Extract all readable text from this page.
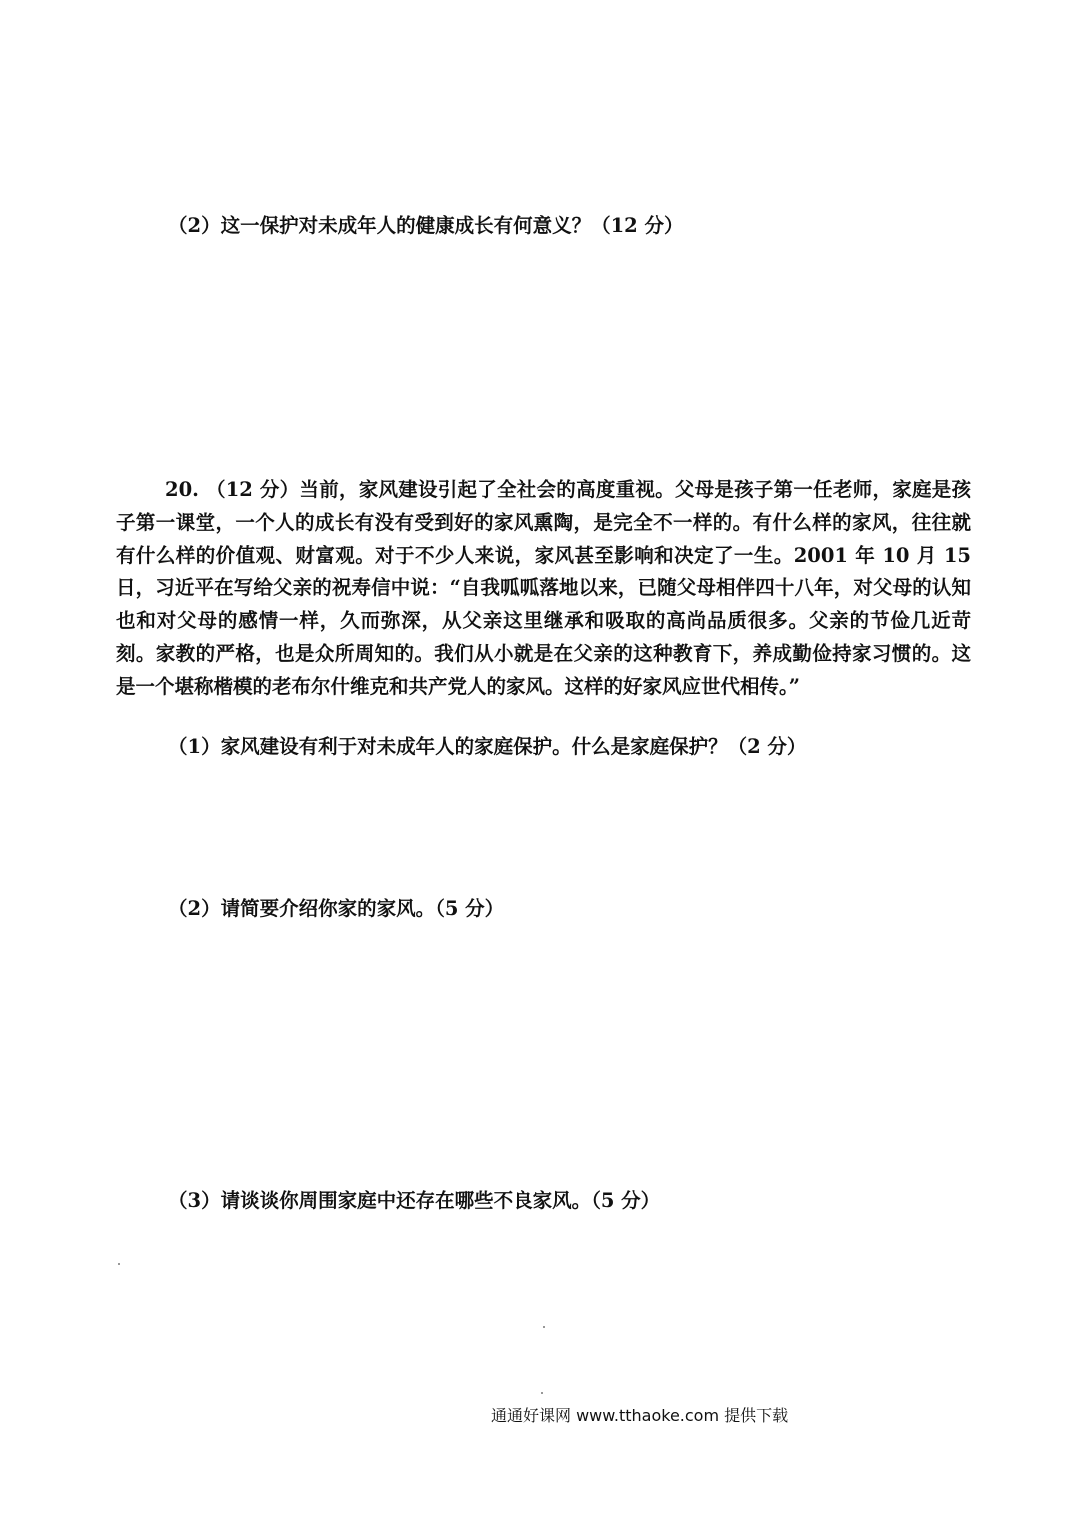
（2）这一保护对未成年人的健康成长有何意义？（12 分）

20. （12 分）当前，家风建设引起了全社会的高度重视。父母是孩子第一任老师，家庭是孩子第一课堂，一个人的成长有没有受到好的家风熏陶，是完全不一样的。有什么样的家风，往往就有什么样的价值观、财富观。对于不少人来说，家风甚至影响和决定了一生。2001 年 10 月 15 日，习近平在写给父亲的祝寿信中说：“自我呱呱落地以来，已随父母相伴四十八年，对父母的认知也和对父母的感情一样，久而弥深，从父亲这里继承和吸取的高尚品质很多。父亲的节俭几近苛刻。家教的严格，也是众所周知的。我们从小就是在父亲的这种教育下，养成勤俭持家习惯的。这是一个堪称楷模的老布尔什维克和共产党人的家风。这样的好家风应世代相传。”

（1）家风建设有利于对未成年人的家庭保护。什么是家庭保护？（2 分）
（2）请简要介绍你家的家风。（5 分）
（3）请谈谈你周围家庭中还存在哪些不良家风。（5 分）
通通好课网 www.tthaoke.com 提供下载
